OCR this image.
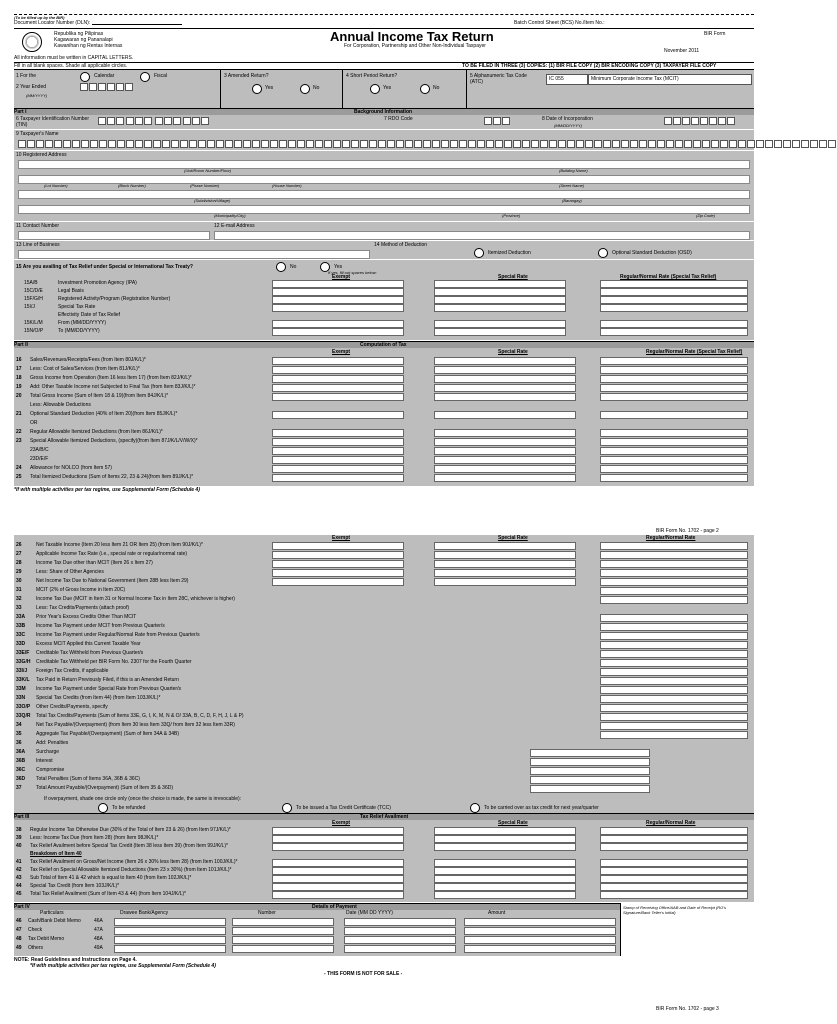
(To be filled up by the BIR)
Document Locator Number (DLN):	Batch Control Sheet (BCS) No./Item No.:
Republika ng Pilipinas
Kagawaran ng Pananalapi
Kawanihan ng Rentas Internas
Annual Income Tax Return
For Corporation, Partnership and Other Non-Individual Taxpayer
BIR Form
November 2011
All information must be written in CAPITAL LETTERS.
Fill in all blank spaces. Shade all applicable circles.	TO BE FILED IN THREE (3) COPIES: (1) BIR FILE COPY (2) BIR ENCODING COPY (3) TAXPAYER FILE COPY
1 For the	Calendar	Fiscal
2 Year Ended
(MM/YYYY)
3 Amended Return?
Yes	No
4 Short Period Return?
Yes	No
5 Alphanumeric Tax Code (ATC)	IC 055	Minimum Corporate Income Tax (MCIT)
Part I	Background Information
6 Taxpayer Identification Number (TIN)

7 RDO Code	8 Date of Incorporation
(MM/DD/YYYY)
9 Taxpayer's Name
10 Registered Address
(Unit/Room Number/Floor)	(Building Name)
(Lot Number)	(Block Number)	(Phase Number)	(House Number)	(Street Name)
(Subdivision/Village)	(Barangay)
(Municipality/City)	(Province)	(Zip Code)
11 Contact Number	12 E-mail Address
13 Line of Business	14 Method of Deduction
Itemized Deduction	Optional Standard Deduction (OSD)
15 Are you availing of Tax Relief under Special or International Tax Treaty?	No	Yes
If yes, fill out spaces below:
Exempt	Special Rate	Regular/Normal Rate (Special Tax Relief)
15A/B	Investment Promotion Agency (IPA)
15C/D/E	Legal Basis
15F/G/H	Registered Activity/Program (Registration Number)
15I/J	Special Tax Rate
Effectivity Date of Tax Relief
15K/L/M	From (MM/DD/YYYY)
15N/O/P	To (MM/DD/YYYY)
Part II	Computation of Tax
Exempt	Special Rate	Regular/Normal Rate (Special Tax Relief)
16 Sales/Revenues/Receipts/Fees (from Item 80J/K/L)*
17 Less: Cost of Sales/Services (from Item 81J/K/L)*
18 Gross Income from Operation (Item 16 less Item 17) (from Item 82J/K/L)*
19 Add: Other Taxable Income not Subjected to Final Tax (from Item 83J/K/L)*
20 Total Gross Income (Sum of Item 18 & 19)(from Item 84J/K/L)*
Less: Allowable Deductions
21 Optional Standard Deduction (40% of Item 20)(from Item 85J/K/L)*
OR
22 Regular Allowable Itemized Deductions (from Item 86J/K/L)*
23 Special Allowable Itemized Deductions, (specify)(from Item 87J/K/L/V/W/X)*
23A/B/C
23D/E/F
24 Allowance for NOLCO (from Item 57)
25 Total Itemized Deductions (Sum of Items 22, 23 & 24)(from Item 89J/K/L)*
*If with multiple activities per tax regime, use Supplemental Form (Schedule 4)
BIR Form No. 1702 - page 2
Exempt	Special Rate	Regular/Normal Rate
26	Net Taxable Income (Item 20 less Item 21 OR Item 25) (from Item 90J/K/L)*
27	Applicable Income Tax Rate (i.e., special rate or regular/normal rate)
28	Income Tax Due other than MCIT (Item 26 x Item 27)
29	Less: Share of Other Agencies
30	Net Income Tax Due to National Government (Item 28B less Item 29)
31	MCIT (2% of Gross Income in Item 20C)
32	Income Tax Due (MCIT in Item 31 or Normal Income Tax in Item 28C, whichever is higher)
33	Less: Tax Credits/Payments (attach proof)
33A Prior Year's Excess Credits Other Than MCIT
33B Income Tax Payment under MCIT from Previous Quarter/s
33C Income Tax Payment under Regular/Normal Rate from Previous Quarter/s
33D Excess MCIT Applied this Current Taxable Year
33E/F Creditable Tax Withheld from Previous Quarter/s
33G/H Creditable Tax Withheld per BIR Form No. 2307 for the Fourth Quarter
33I/J Foreign Tax Credits, if applicable
33K/L Tax Paid in Return Previously Filed, if this is an Amended Return
33M Income Tax Payment under Special Rate from Previous Quarter/s
33N Special Tax Credits (from Item 44) (from Item 103J/K/L)*
33O/P Other Credits/Payments, specify
33Q/R Total Tax Credits/Payments (Sum of Items 33E, G, I, K, M, N & O/ 33A, B, C, D, F, H, J, L & P)
34	Net Tax Payable/(Overpayment) (from Item 30 less Item 33Q/ from Item 32 less Item 33R)
35	Aggregate Tax Payable/(Overpayment) (Sum of Item 34A & 34B)
36	Add: Penalties
36A Surcharge
36B Interest
36C Compromise
36D Total Penalties (Sum of Items 36A, 36B & 36C)
37	Total Amount Payable/(Overpayment) (Sum of Item 35 & 36D)
If overpayment, shade one circle only (once the choice is made, the same is irrevocable):
To be refunded	To be issued a Tax Credit Certificate (TCC)	To be carried over as tax credit for next year/quarter
Part III	Tax Relief Availment
Exempt	Special Rate	Regular/Normal Rate
38 Regular Income Tax Otherwise Due (30% of the Total of Item 23 & 26) (from Item 97J/K/L)*
39 Less: Income Tax Due (from Item 28) (from Item 98J/K/L)*
40 Tax Relief Availment before Special Tax Credit (Item 38 less Item 39) (from Item 99J/K/L)*
Breakdown of Item 40
41 Tax Relief Availment on Gross/Net Income (Item 26 x 30% less Item 28) (from Item 100J/K/L)*
42 Tax Relief on Special Allowable Itemized Deductions (Item 23 x 30%) (from Item 101J/K/L)*
43 Sub Total of Item 41 & 42 which is equal to Item 40 (from Item 102J/K/L)*
44 Special Tax Credit (from Item 103J/K/L)*
45 Total Tax Relief Availment (Sum of Item 43 & 44) (from Item 104J/K/L)*
Part IV	Details of Payment
Particulars	Drawee Bank/Agency	Number	Date (MM DD YYYY)	Amount
Stamp of Receiving Office/AAB and Date of Receipt (RO's Signature/Bank Teller's Initial)
46 Cash/Bank Debit Memo	46A
47 Check	47A
48 Tax Debit Memo	48A
49 Others	49A
NOTE: Read Guidelines and Instructions on Page 4.
*If with multiple activities per tax regime, use Supplemental Form (Schedule 4)
- THIS FORM IS NOT FOR SALE -
BIR Form No. 1702 - page 3
